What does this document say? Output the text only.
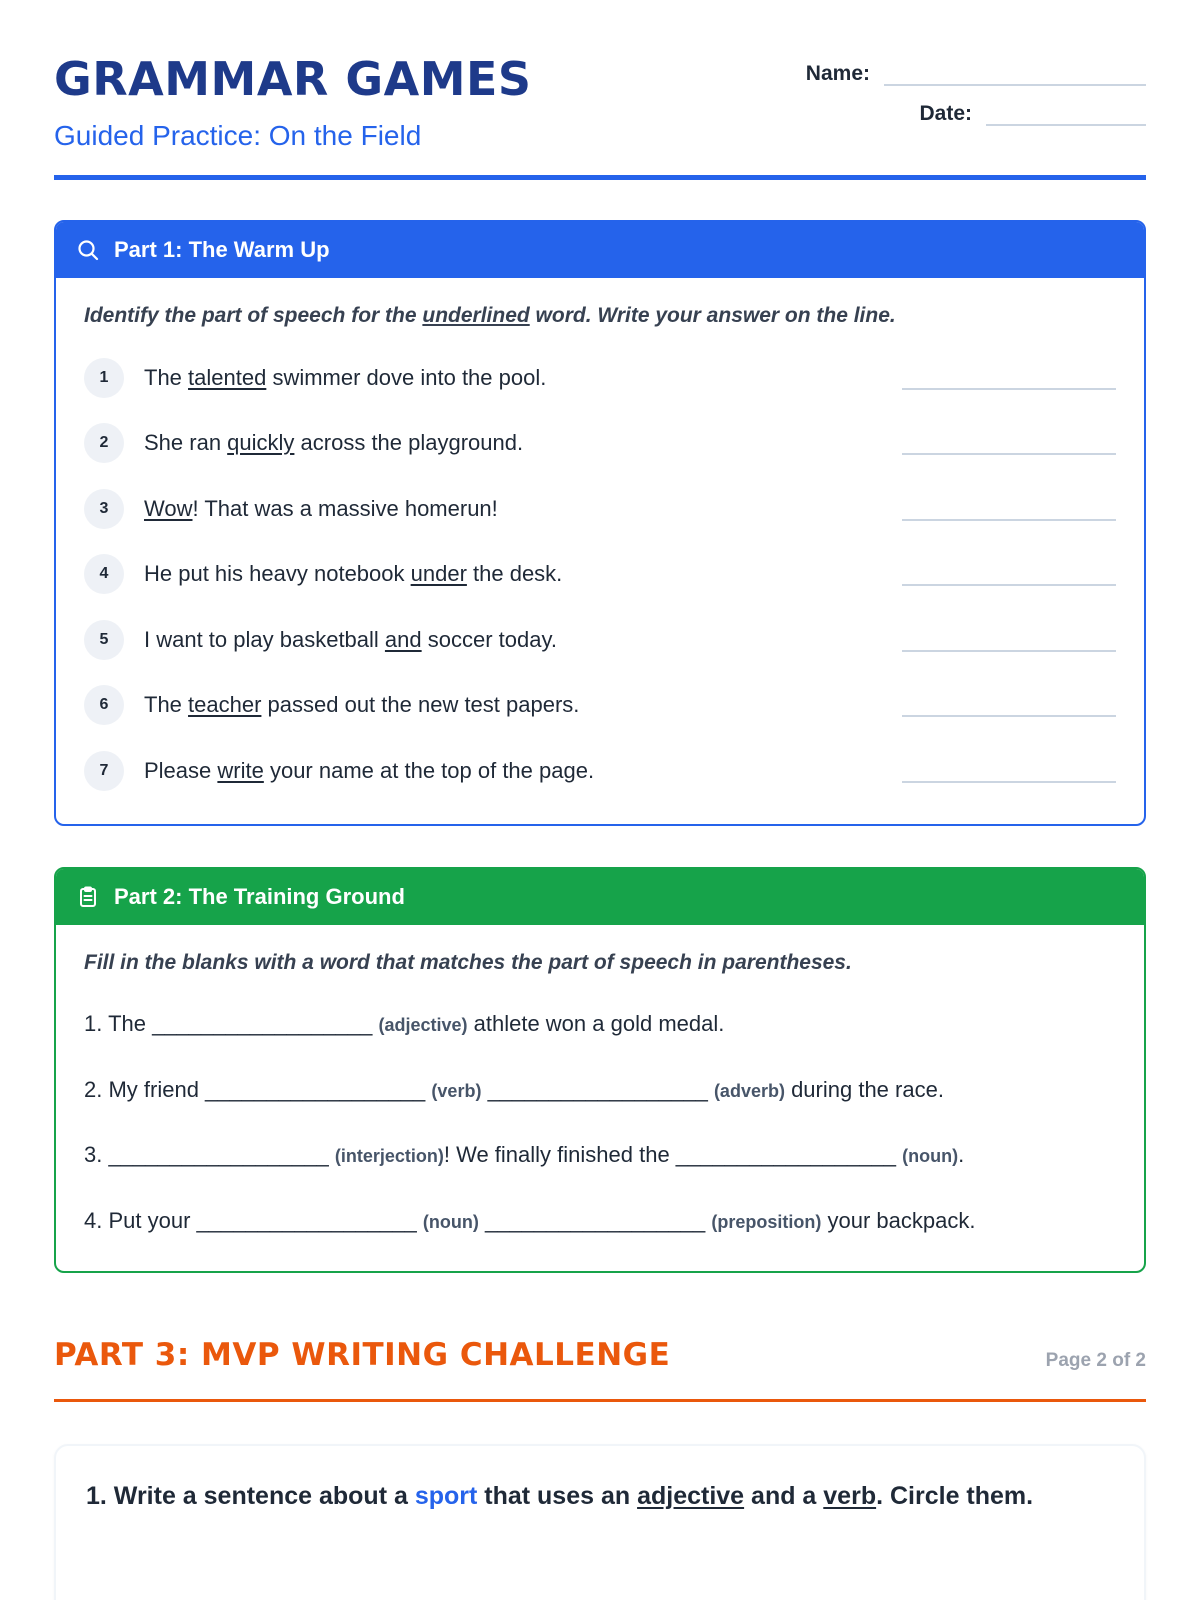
GRAMMAR GAMES
Guided Practice: On the Field
Name:
Date:
Part 1: The Warm Up
Identify the part of speech for the underlined word. Write your answer on the line.
1	The talented swimmer dove into the pool.
2	She ran quickly across the playground.
3	Wow! That was a massive homerun!
4	He put his heavy notebook under the desk.
5	I want to play basketball and soccer today.
6	The teacher passed out the new test papers.
7	Please write your name at the top of the page.
Part 2: The Training Ground
Fill in the blanks with a word that matches the part of speech in parentheses.
1. The __________________ (adjective) athlete won a gold medal.
2. My friend __________________ (verb) __________________ (adverb) during the race.
3. __________________ (interjection)! We finally finished the __________________ (noun).
4. Put your __________________ (noun) __________________ (preposition) your backpack.
PART 3: MVP WRITING CHALLENGE	Page 2 of 2
1. Write a sentence about a sport that uses an adjective and a verb. Circle them.
